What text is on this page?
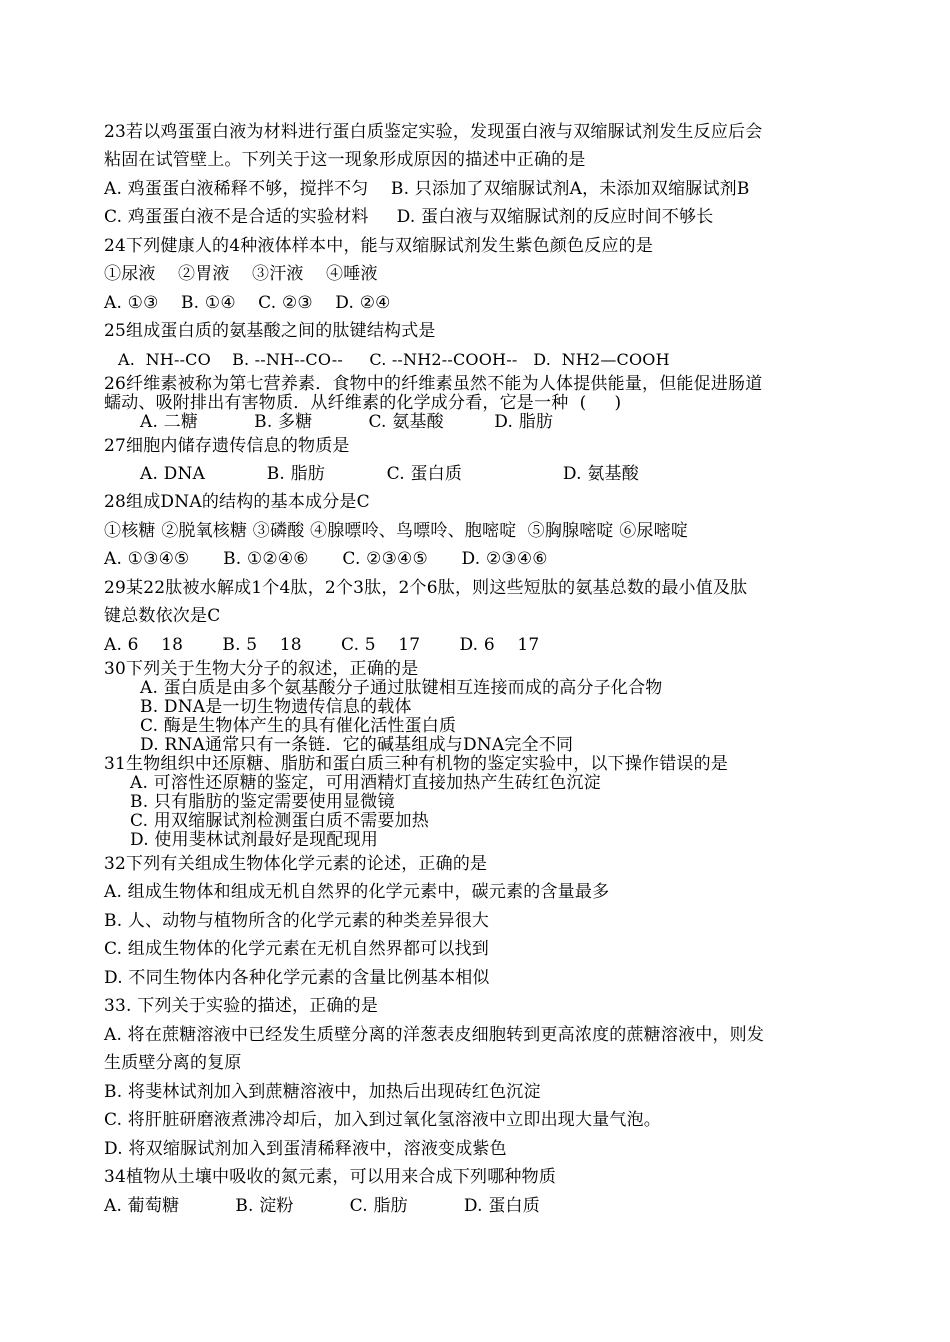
23若以鸡蛋蛋白液为材料进行蛋白质鉴定实验，发现蛋白液与双缩脲试剂发生反应后会
粘固在试管壁上。下列关于这一现象形成原因的描述中正确的是
A. 鸡蛋蛋白液稀释不够，搅拌不匀    B. 只添加了双缩脲试剂A，未添加双缩脲试剂B
C. 鸡蛋蛋白液不是合适的实验材料     D. 蛋白液与双缩脲试剂的反应时间不够长
24下列健康人的4种液体样本中，能与双缩脲试剂发生紫色颜色反应的是
①尿液    ②胃液    ③汗液    ④唾液
A. ①③    B. ①④    C. ②③    D. ②④
25组成蛋白质的氨基酸之间的肽键结构式是
A.  NH--CO    B. --NH--CO--     C. --NH2--COOH--   D.  NH2—COOH
26纤维素被称为第七营养素．食物中的纤维素虽然不能为人体提供能量，但能促进肠道
蠕动、吸附排出有害物质．从纤维素的化学成分看，它是一种  (     )
A. 二糖          B. 多糖          C. 氨基酸         D. 脂肪
27细胞内储存遗传信息的物质是
A. DNA           B. 脂肪           C. 蛋白质                  D. 氨基酸
28组成DNA的结构的基本成分是C
①核糖 ②脱氧核糖 ③磷酸 ④腺嘌呤、鸟嘌呤、胞嘧啶  ⑤胸腺嘧啶 ⑥尿嘧啶
A. ①③④⑤      B. ①②④⑥      C. ②③④⑤      D. ②③④⑥
29某22肽被水解成1个4肽，2个3肽，2个6肽，则这些短肽的氨基总数的最小值及肽
键总数依次是C
A. 6    18       B. 5    18       C. 5    17       D. 6    17
30下列关于生物大分子的叙述，正确的是
A. 蛋白质是由多个氨基酸分子通过肽键相互连接而成的高分子化合物
B. DNA是一切生物遗传信息的载体
C. 酶是生物体产生的具有催化活性蛋白质
D. RNA通常只有一条链．它的碱基组成与DNA完全不同
31生物组织中还原糖、脂肪和蛋白质三种有机物的鉴定实验中，以下操作错误的是
A. 可溶性还原糖的鉴定，可用酒精灯直接加热产生砖红色沉淀
B. 只有脂肪的鉴定需要使用显微镜
C. 用双缩脲试剂检测蛋白质不需要加热
D. 使用斐林试剂最好是现配现用
32下列有关组成生物体化学元素的论述，正确的是
A. 组成生物体和组成无机自然界的化学元素中，碳元素的含量最多
B. 人、动物与植物所含的化学元素的种类差异很大
C. 组成生物体的化学元素在无机自然界都可以找到
D. 不同生物体内各种化学元素的含量比例基本相似
33. 下列关于实验的描述，正确的是
A. 将在蔗糖溶液中已经发生质壁分离的洋葱表皮细胞转到更高浓度的蔗糖溶液中，则发
生质壁分离的复原
B. 将斐林试剂加入到蔗糖溶液中，加热后出现砖红色沉淀
C. 将肝脏研磨液煮沸冷却后，加入到过氧化氢溶液中立即出现大量气泡。
D. 将双缩脲试剂加入到蛋清稀释液中，溶液变成紫色
34植物从土壤中吸收的氮元素，可以用来合成下列哪种物质
A. 葡萄糖          B. 淀粉          C. 脂肪          D. 蛋白质
